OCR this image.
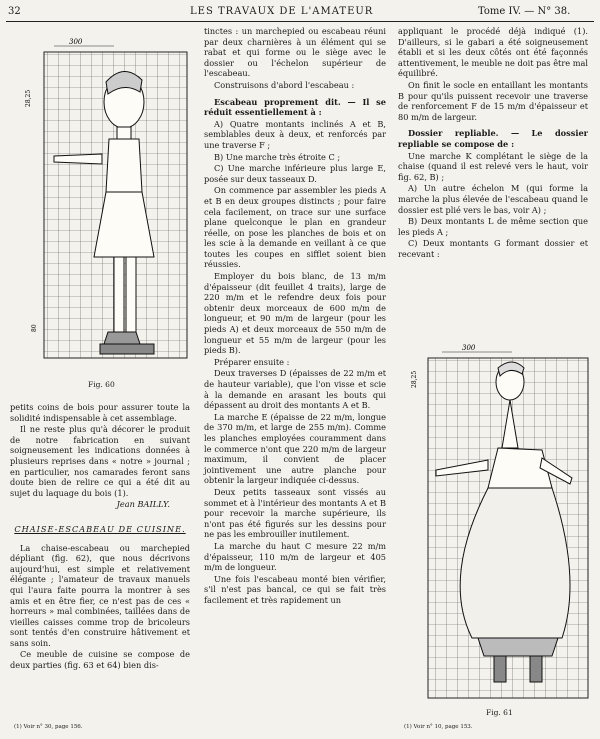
32	LES TRAVAUX DE L'AMATEUR	Tome IV. — N° 38.
300
28,25
80
Fig. 60

petits coins de bois pour assurer toute la solidité indispensable à cet assemblage.

Il ne reste plus qu'à décorer le produit de notre fabrication en suivant soigneusement les indications données à plusieurs reprises dans « notre » journal ; en particulier, nos camarades feront sans doute bien de relire ce qui a été dit au sujet du laquage du bois (1).

Jean BAILLY.

CHAISE-ESCABEAU DE CUISINE.

La chaise-escabeau ou marchepied dépliant (fig. 62), que nous décrivons aujourd'hui, est simple et relativement élégante ; l'amateur de travaux manuels qui l'aura faite pourra la montrer à ses amis et en être fier, ce n'est pas de ces « horreurs » mal combinées, taillées dans de vieilles caisses comme trop de bricoleurs sont tentés d'en construire hâtivement et sans soin.

Ce meuble de cuisine se compose de deux parties (fig. 63 et 64) bien dis-

(1) Voir n° 30, page 156.

tinctes : un marchepied ou escabeau réuni par deux charnières à un élément qui se rabat et qui forme ou le siège avec le dossier ou l'échelon supérieur de l'escabeau.

Construisons d'abord l'escabeau :

Escabeau proprement dit. — Il se réduit essentiellement à :

A) Quatre montants inclinés A et B, semblables deux à deux, et renforcés par une traverse F ;

B) Une marche très étroite C ;

C) Une marche inférieure plus large E, posée sur deux tasseaux D.

On commence par assembler les pieds A et B en deux groupes distincts ; pour faire cela facilement, on trace sur une surface plane quelconque le plan en grandeur réelle, on pose les planches de bois et on les scie à la demande en veillant à ce que toutes les coupes en sifflet soient bien réussies.

Employer du bois blanc, de 13 m/m d'épaisseur (dit feuillet 4 traits), large de 220 m/m et le refendre deux fois pour obtenir deux morceaux de 600 m/m de longueur, et 90 m/m de largeur (pour les pieds A) et deux morceaux de 550 m/m de longueur et 55 m/m de largeur (pour les pieds B).

Préparer ensuite :

Deux traverses D (épaisses de 22 m/m et de hauteur variable), que l'on visse et scie à la demande en arasant les bouts qui dépassent au droit des montants A et B.

La marche E (épaisse de 22 m/m, longue de 370 m/m, et large de 255 m/m). Comme les planches employées couramment dans le commerce n'ont que 220 m/m de largeur maximum, il convient de placer jointivement une autre planche pour obtenir la largeur indiquée ci-dessus.

Deux petits tasseaux sont vissés au sommet et à l'intérieur des montants A et B pour recevoir la marche supérieure, ils n'ont pas été figurés sur les dessins pour ne pas les embrouiller inutilement.

La marche du haut C mesure 22 m/m d'épaisseur, 110 m/m de largeur et 405 m/m de longueur.

Une fois l'escabeau monté bien vérifier, s'il n'est pas bancal, ce qui se fait très facilement et très rapidement un

appliquant le procédé déjà indiqué (1). D'ailleurs, si le gabari a été soigneusement établi et si les deux côtés ont été façonnés attentivement, le meuble ne doit pas être mal équilibré.

On finit le socle en entaillant les montants B pour qu'ils puissent recevoir une traverse de renforcement F de 15 m/m d'épaisseur et 80 m/m de largeur.

Dossier repliable. — Le dossier repliable se compose de :

Une marche K complétant le siège de la chaise (quand il est relevé vers le haut, voir fig. 62, B) ;

A) Un autre échelon M (qui forme la marche la plus élevée de l'escabeau quand le dossier est plié vers le bas, voir A) ;

B) Deux montants L de même section que les pieds A ;

C) Deux montants G formant dossier et recevant :

300
28,25
Fig. 61
(1) Voir n° 10, page 153.
